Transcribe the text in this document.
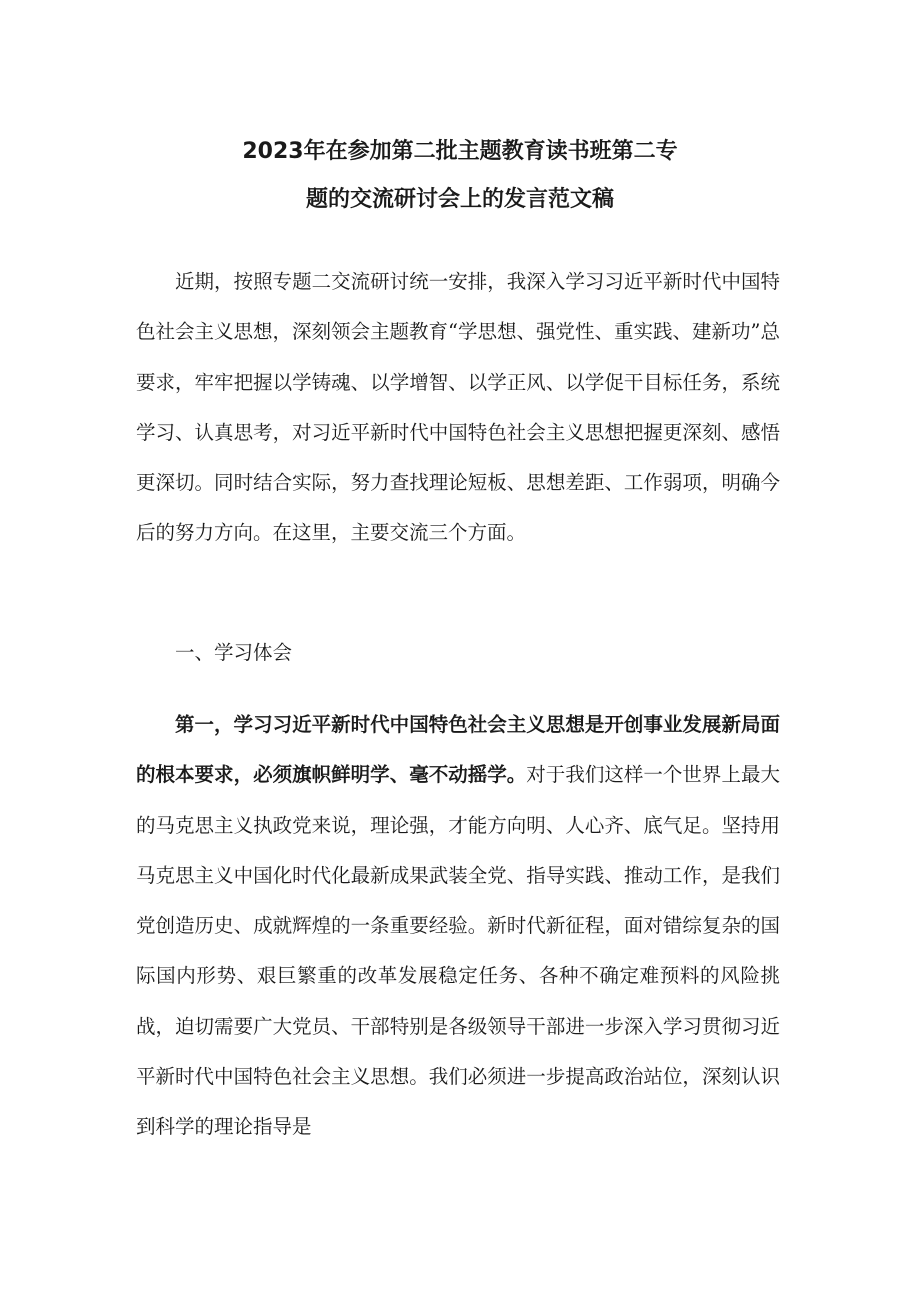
2023年在参加第二批主题教育读书班第二专
题的交流研讨会上的发言范文稿

近期，按照专题二交流研讨统一安排，我深入学习习近平新时代中国特色社会主义思想，深刻领会主题教育“学思想、强党性、重实践、建新功”总要求，牢牢把握以学铸魂、以学增智、以学正风、以学促干目标任务，系统学习、认真思考，对习近平新时代中国特色社会主义思想把握更深刻、感悟更深切。同时结合实际，努力查找理论短板、思想差距、工作弱项，明确今后的努力方向。在这里，主要交流三个方面。

一、学习体会

第一，学习习近平新时代中国特色社会主义思想是开创事业发展新局面的根本要求，必须旗帜鲜明学、毫不动摇学。对于我们这样一个世界上最大的马克思主义执政党来说，理论强，才能方向明、人心齐、底气足。坚持用马克思主义中国化时代化最新成果武装全党、指导实践、推动工作，是我们党创造历史、成就辉煌的一条重要经验。新时代新征程，面对错综复杂的国际国内形势、艰巨繁重的改革发展稳定任务、各种不确定难预料的风险挑战，迫切需要广大党员、干部特别是各级领导干部进一步深入学习贯彻习近平新时代中国特色社会主义思想。我们必须进一步提高政治站位，深刻认识到科学的理论指导是
